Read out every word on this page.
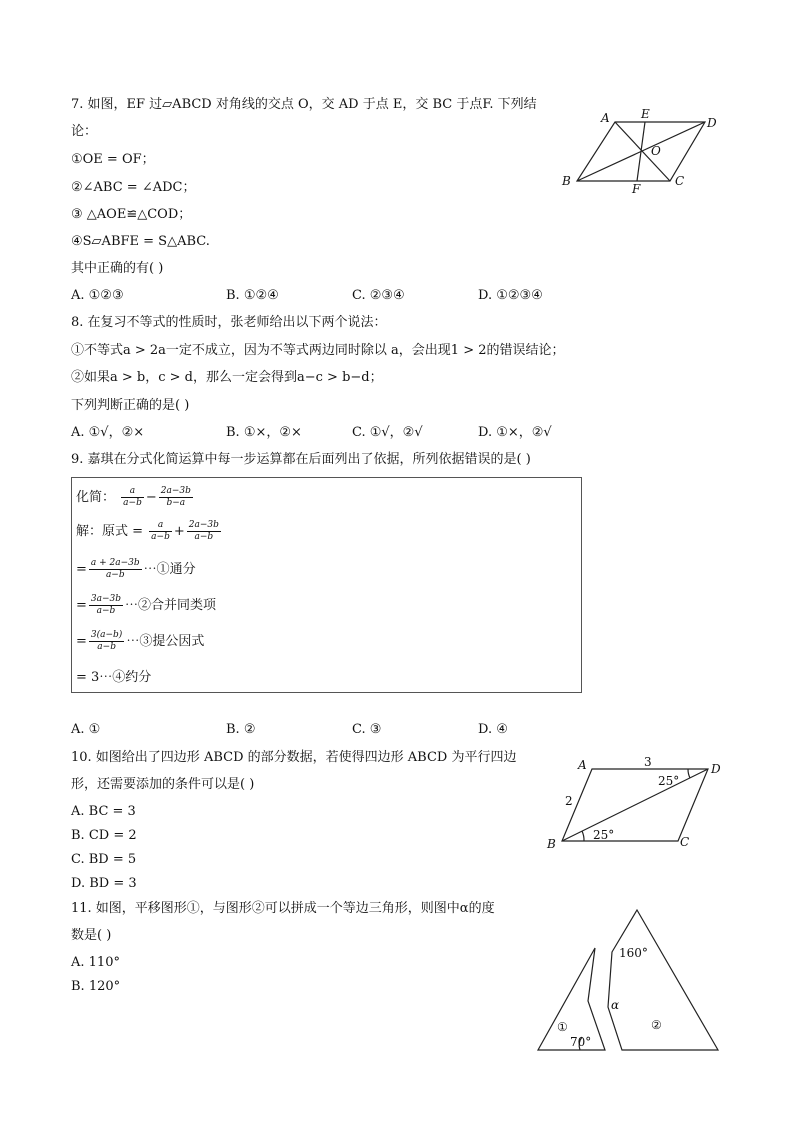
7. 如图，EF 过▱ABCD 对角线的交点 O，交 AD 于点 E，交 BC 于点F. 下列结
论：
①OE = OF；
②∠ABC = ∠ADC；
③ △AOE≌△COD；
④S▱ABFE = S△ABC.
其中正确的有( )
A. ①②③	B. ①②④	C. ②③④	D. ①②③④
A	E
D
O
B
F
C
8. 在复习不等式的性质时，张老师给出以下两个说法：
①不等式a > 2a一定不成立，因为不等式两边同时除以 a，会出现1 > 2的错误结论；
②如果a > b，c > d，那么一定会得到a−c > b−d；
下列判断正确的是( )
A. ①√，②×	B. ①×，②×	C. ①√，②√	D. ①×，②√
9. 嘉琪在分式化简运算中每一步运算都在后面列出了依据，所列依据错误的是( )
化简： $\frac{a}{a-b} - \frac{2a-3b}{b-a}$
解：原式 = $\frac{a}{a-b} + \frac{2a-3b}{a-b}$
= $\frac{a + 2a-3b}{a-b}$ ⋯①通分
= $\frac{3a-3b}{a-b}$ ⋯②合并同类项
= $\frac{3(a-b)}{a-b}$ ⋯③提公因式
= 3⋯④约分
A. ①	B. ②	C. ③	D. ④
10. 如图给出了四边形 ABCD 的部分数据，若使得四边形 ABCD 为平行四边
形，还需要添加的条件可以是( )
A. BC = 3
B. CD = 2
C. BD = 5
D. BD = 3
A	D
B	C
3
2
25°
25°
11. 如图，平移图形①，与图形②可以拼成一个等边三角形，则图中α的度
数是( )
A. 110°
B. 120°
①
70°
160°
α
②
